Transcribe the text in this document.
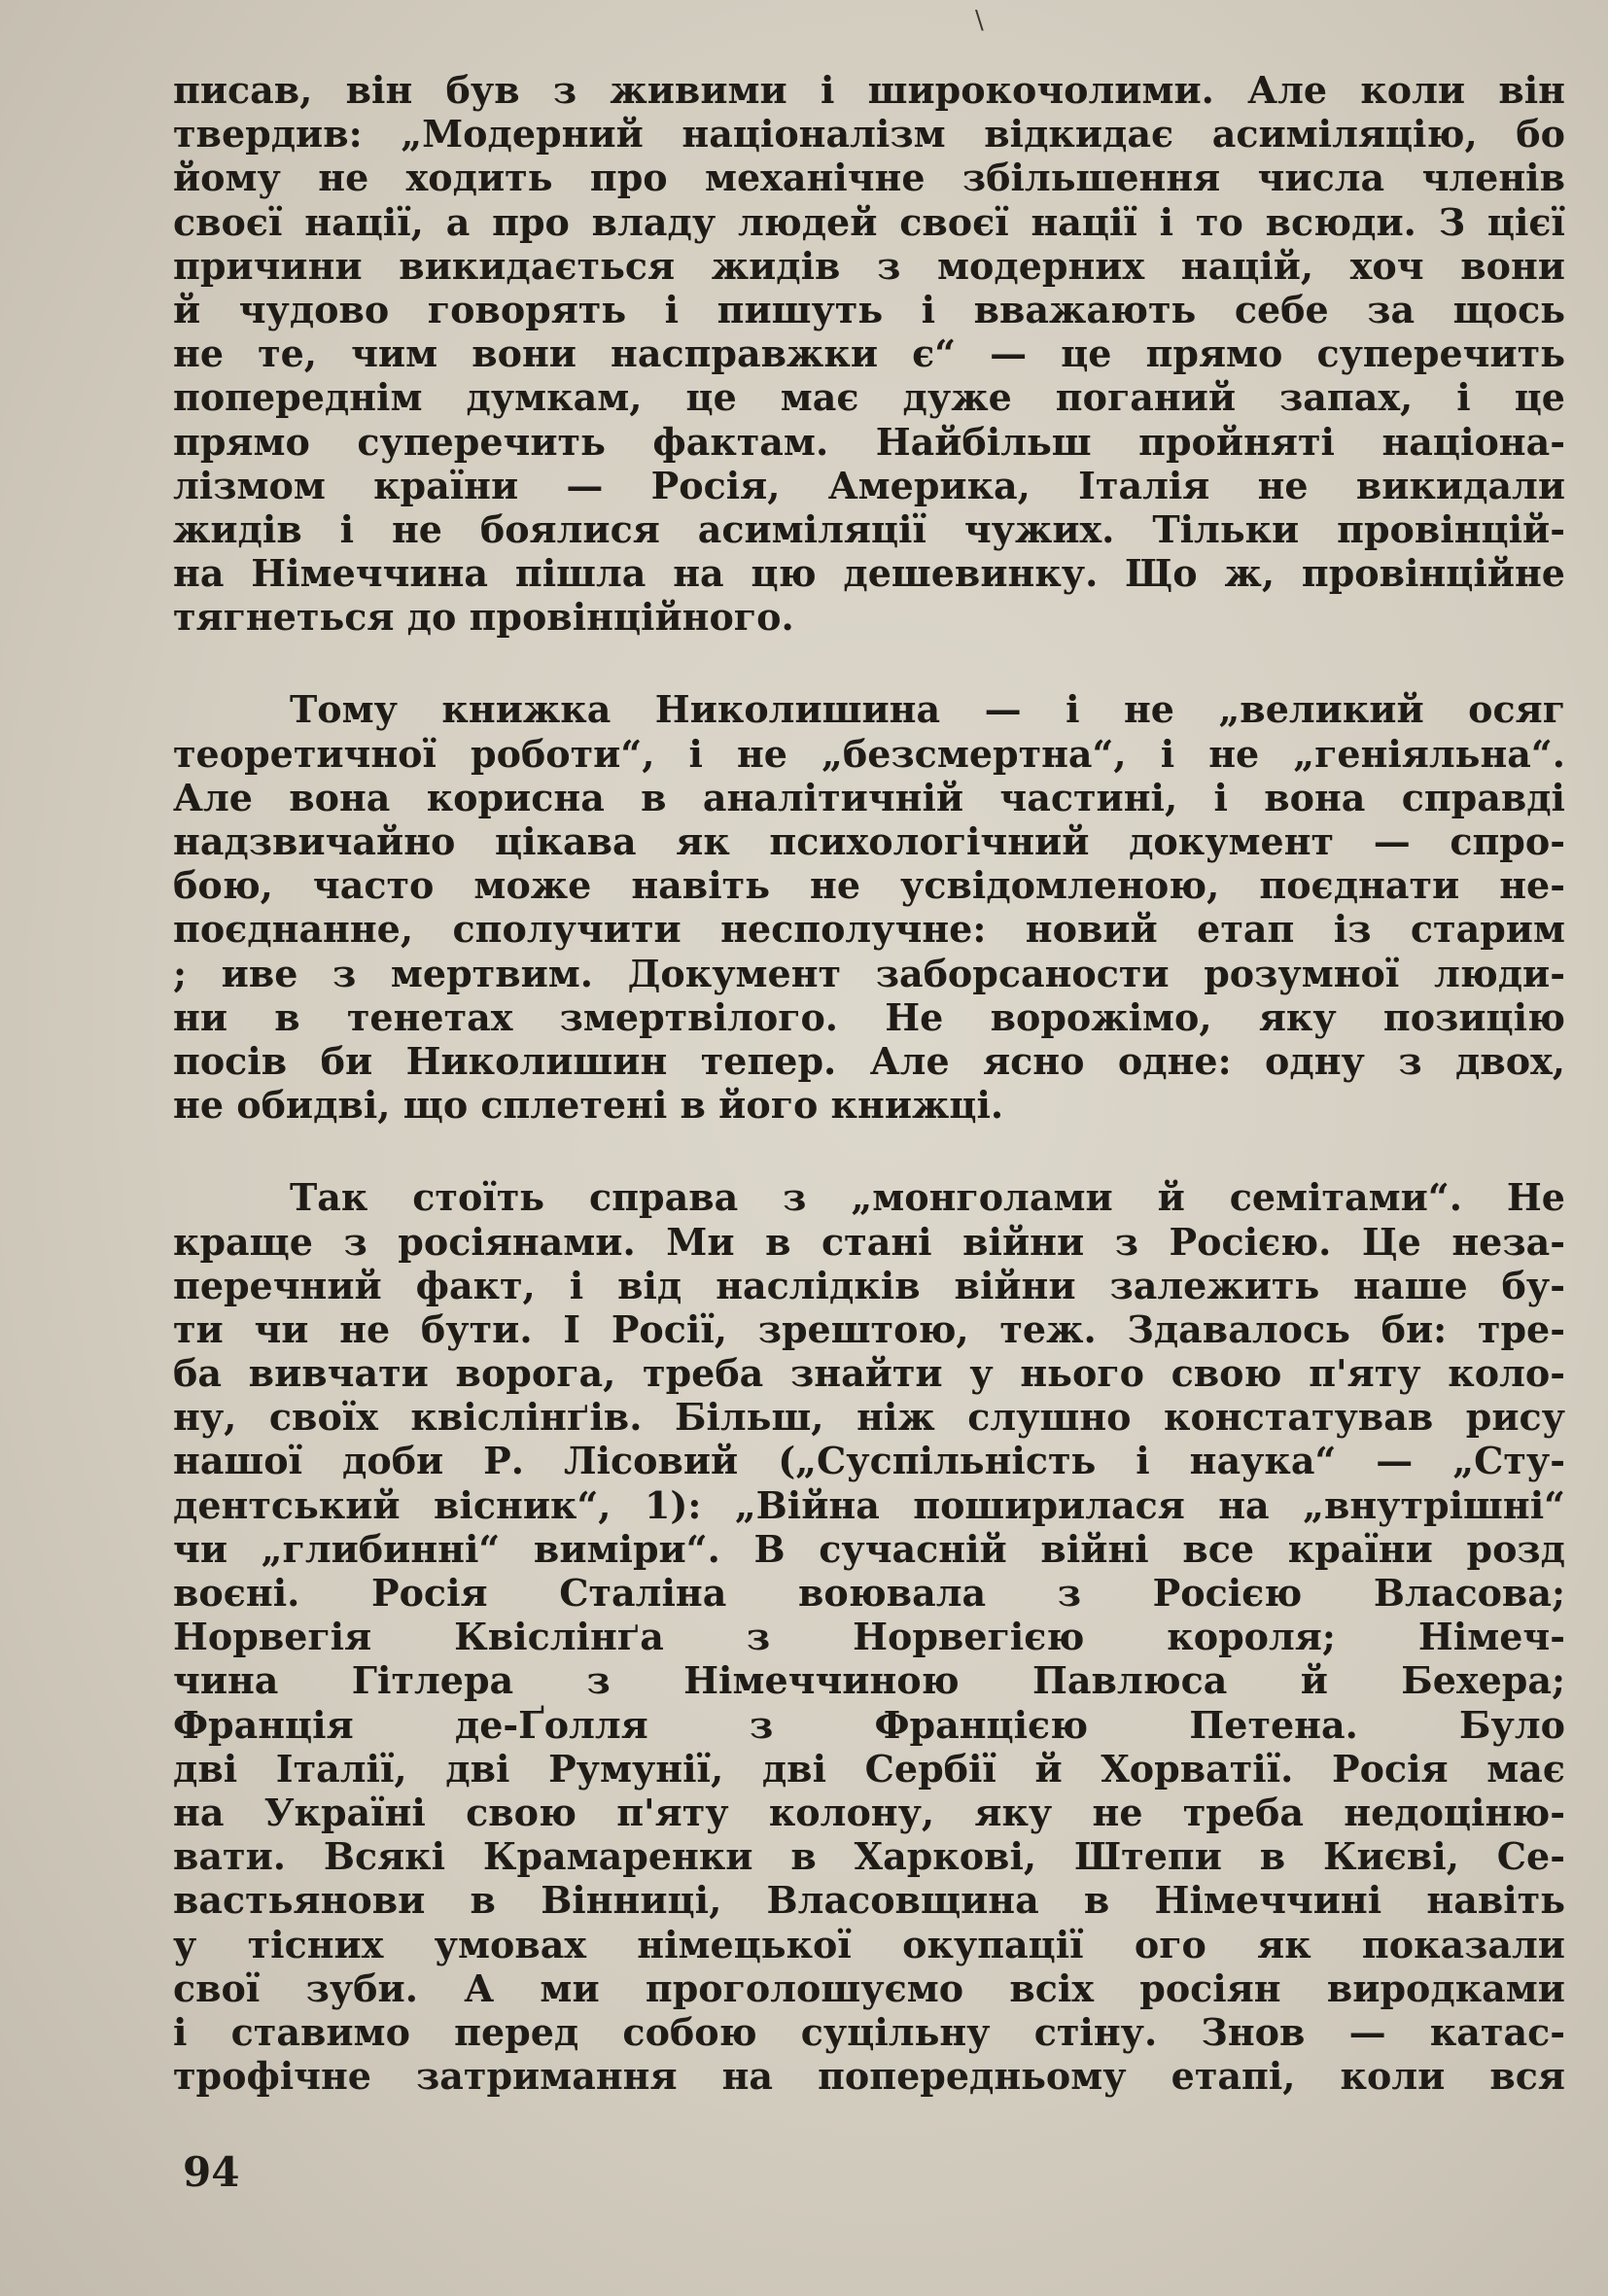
\
писав, він був з живими і широкочолими. Але коли він
твердив: „Модерний націоналізм відкидає асиміляцію, бо
йому не ходить про механічне збільшення числа членів
своєї нації, а про владу людей своєї нації і то всюди. З цієї
причини викидається жидів з модерних націй, хоч вони
й чудово говорять і пишуть і вважають себе за щось
не те, чим вони насправжки є“ — це прямо суперечить
попереднім думкам, це має дуже поганий запах, і це
прямо суперечить фактам. Найбільш пройняті націона-
лізмом країни — Росія, Америка, Італія не викидали
жидів і не боялися асиміляції чужих. Тільки провінцій-
на Німеччина пішла на цю дешевинку. Що ж, провінційне
тягнеться до провінційного.
Тому книжка Николишина — і не „великий осяг
теоретичної роботи“, і не „безсмертна“, і не „геніяльна“.
Але вона корисна в аналітичній частині, і вона справді
надзвичайно цікава як психологічний документ — спро-
бою, часто може навіть не усвідомленою, поєднати не-
поєднанне, сполучити несполучне: новий етап із старим
; иве з мертвим. Документ заборсаности розумної люди-
ни в тенетах змертвілого. Не ворожімо, яку позицію
посів би Николишин тепер. Але ясно одне: одну з двох,
не обидві, що сплетені в його книжці.
Так стоїть справа з „монголами й семітами“. Не
краще з росіянами. Ми в стані війни з Росією. Це неза-
перечний факт, і від наслідків війни залежить наше бу-
ти чи не бути. І Росії, зрештою, теж. Здавалось би: тре-
ба вивчати ворога, треба знайти у нього свою п'яту коло-
ну, своїх квіслінґів. Більш, ніж слушно констатував рису
нашої доби Р. Лісовий („Суспільність і наука“ — „Сту-
дентський вісник“, 1): „Війна поширилася на „внутрішні“
чи „глибинні“ виміри“. В сучасній війні все країни розд
воєні. Росія Сталіна воювала з Росією Власова;
Норвегія Квіслінґа з Норвегією короля; Німеч-
чина Гітлера з Німеччиною Павлюса й Бехера;
Франція де-Ґолля з Францією Петена. Було
дві Італії, дві Румунії, дві Сербії й Хорватії. Росія має
на Україні свою п'яту колону, яку не треба недоціню-
вати. Всякі Крамаренки в Харкові, Штепи в Києві, Се-
вастьянови в Вінниці, Власовщина в Німеччині навіть
у тісних умовах німецької окупації ого як показали
свої зуби. А ми проголошуємо всіх росіян виродками
і ставимо перед собою суцільну стіну. Знов — катас-
трофічне затримання на попередньому етапі, коли вся
94
